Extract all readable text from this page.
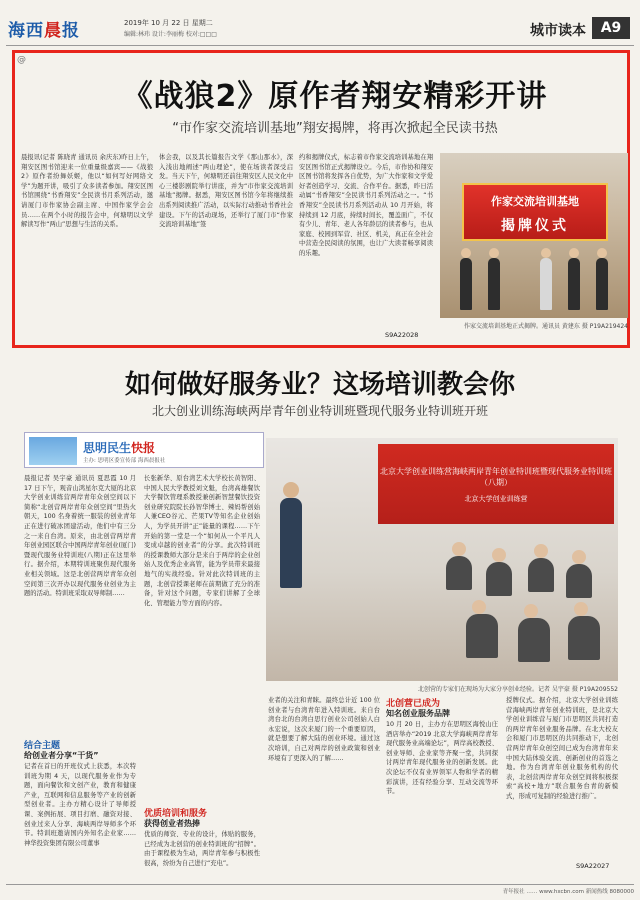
海西晨报	2019年 10 月 22 日 星期二
编辑:林玮 设计:李丽梅 校对:□□□	城市读本	A9
@
《战狼2》原作者翔安精彩开讲
“市作家交流培训基地”翔安揭牌，将再次掀起全民读书热
晨报讯(记者 陈晓青 通讯员 余庆东)昨日上午，翔安区图书馆迎来一位重量级嘉宾——《战狼2》原作者纷舞妖姬，他以“如何写好网络文学”为题开讲，吸引了众多读者参加。翔安区图书馆围绕“书香翔安”全民读书月系列活动，邀请厦门市作家协会副主席、中国作家学会会员……在两个小时的报告会中，何塘明以文学解读写作“两山”思想与生活的关系。
体会我，以及其长篇报告文学《那山那水》，深入浅出地阐述“两山理论”，使在场读者深受启发。当天下午，何塘明还前往翔安区人民文化中心三楼影剧院举行讲座，并为“市作家交流培训基地”揭牌。据悉，翔安区图书馆今年将继续推出系列阅读推广活动，以实际行动推动书香社会建设。下午的活动现场，还举行了厦门市“作家交流培训基地”签
约和揭牌仪式，标志着市作家交流培训基地在翔安区图书馆正式揭牌设立。今后，市作协和翔安区图书馆将发挥各自优势，为广大作家和文学爱好者创造学习、交流、合作平台。据悉，昨日活动属“书香翔安”全民读书月系列活动之一。“书香翔安”全民读书月系列活动从 10 月开始，将持续到 12 月底，持续时间长，覆盖面广，不仅有少儿、青年、老人各年龄层的读者参与，也从家庭、校园到军营、社区、机关，真正在全社会中营造全民阅读的氛围，也让广大读者畅享阅读的乐趣。
S9A22028
作家交流培训基地
揭牌仪式
作家交流培训基地正式揭牌。通讯员 黄建东 摄 P19A219424
如何做好服务业？这场培训教会你
北大创业训练海峡两岸青年创业特训班暨现代服务业特训班开班
思明民生快报
主办: 思明区委宣传部 海西晨报社
晨报记者 吴宇豪 通讯员 夏思霞 10 月 17 日下午，观音山鸿星尔克大厦的北京大学创业训练营两岸青年众创空间以下简称“北创营两岸青年众创空间”里热火朝天，100 名身着统一服装的创业青年正在进行破冰团建活动，他们中有三分之一来自台湾。原来，由北创营两岸青年创业园区联合中国两岸青年创业(厦门)暨现代服务业特训班(八期)正在这里举行。据介绍，本期特训班聚焦现代服务业相关领域。这是北创营两岸青年众创空间第三次开办以现代服务业创业为主题的活动。特训班采取双导师制……
结合主题
给创业者分享“干货”
记者在首日的开班仪式上获悉，本次特训班为期 4 天，以现代服务业作为专题，面向餐饮和文创产业，教育和健康产业，互联网和信息服务等产业的创新型创业者。主办方精心设计了导师授课、案例拓展、项目打磨、融资对接、创业过来人分享、海峡两岸导师多个环节。特训班邀请国内外知名企业家……神华投资集团有限公司董事
长张新华、原台湾艺术大学校长黄智阳、中国人民大学教授刘文魁，台湾高雄餐饮大学餐饮管理系教授兼创新智慧餐饮投资创业研究院院长孙智华博士、辣妈帮创始人兼CEO谷元、芒果TV等知名企业创始人，为学员开讲“正”能量的课程……下午开始的第一堂是一个“如何从一个平凡人变成卓越的创业者”的分享。此次特训班的授课教师大部分是来自于两岸的企业创始人及优秀企业高管，能为学员带来最接地气的实战经验。针对此次特训班的主题，北创营授课老师在前期做了充分的准备，针对这个问题，专家们讲解了全球化、管理能力等方面的内容。
优质培训和服务
获得创业者热捧
优质的师资、专业的设计，体贴的服务，已经成为北创营的创业特训班的“招牌”。由于课程极为生动，两岸青年参与积极性很高，纷纷为自己进行“充电”。
北京大学创业训练营海峡两岸青年创业特训班暨现代服务业特训班（八期）
北京大学创业训练营
北创营的专家们在现场为大家分享创业经验。记者 吴宇豪 摄 P19A209552
业者的关注和青睐。最终总计近 100 位创业者与台湾青年进入特训班。来自台湾台北的台湾白思行创业公司创始人白永宏说，这次来厦门的一个重要原因，就是想要了解大陆的创业环境。通过这次培训，自己对两岸的创业政策和创业环境有了更深入的了解……
北创营已成为
知名创业服务品牌
10 月 20 日，主办方在思明区海悦山庄酒店举办“2019 北京大学海峡两岸青年现代服务业高端论坛”，两岸高校教授、创业导师、企业家等齐聚一堂，共同探讨两岸青年现代服务业的创新发展。此次论坛不仅有业界领军人物和学者的精彩演讲，还有经验分享、互动交流等环节。
授牌仪式。据介绍，北京大学创业训练营海峡两岸青年创业特训班，是北京大学创业训练营与厦门市思明区共同打造的两岸青年创业服务品牌。在北大校友会和厦门市思明区的共同推动下，北创营两岸青年众创空间已成为台湾青年来中国大陆体验交流、创新创业的首选之地。作为台湾青年创业服务机构的代表，北创营两岸青年众创空间将积极探索“高校+地方”联合服务台青的新模式，形成可复制的经验进行推广。
S9A22027
青年报社 …… www.hxcbn.com 新闻热线 8080000
